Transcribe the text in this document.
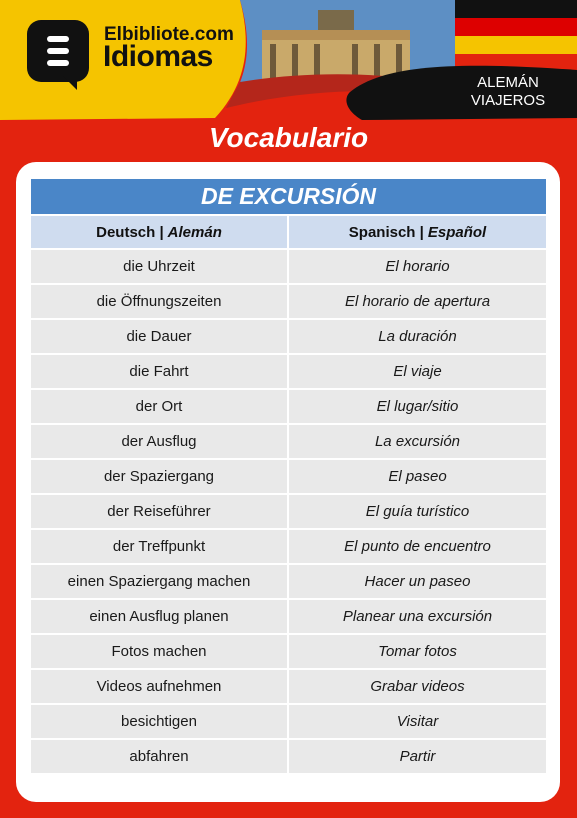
Elbibliote.com
Idiomas
ALEMÁN
VIAJEROS
Vocabulario
DE EXCURSIÓN
Deutsch | Alemán	Spanisch | Español
die Uhrzeit	El horario
die Öffnungszeiten	El horario de apertura
die Dauer	La duración
die Fahrt	El viaje
der Ort	El lugar/sitio
der Ausflug	La excursión
der Spaziergang	El paseo
der Reiseführer	El guía turístico
der Treffpunkt	El punto de encuentro
einen Spaziergang machen	Hacer un paseo
einen Ausflug planen	Planear una excursión
Fotos machen	Tomar fotos
Videos aufnehmen	Grabar videos
besichtigen	Visitar
abfahren	Partir
